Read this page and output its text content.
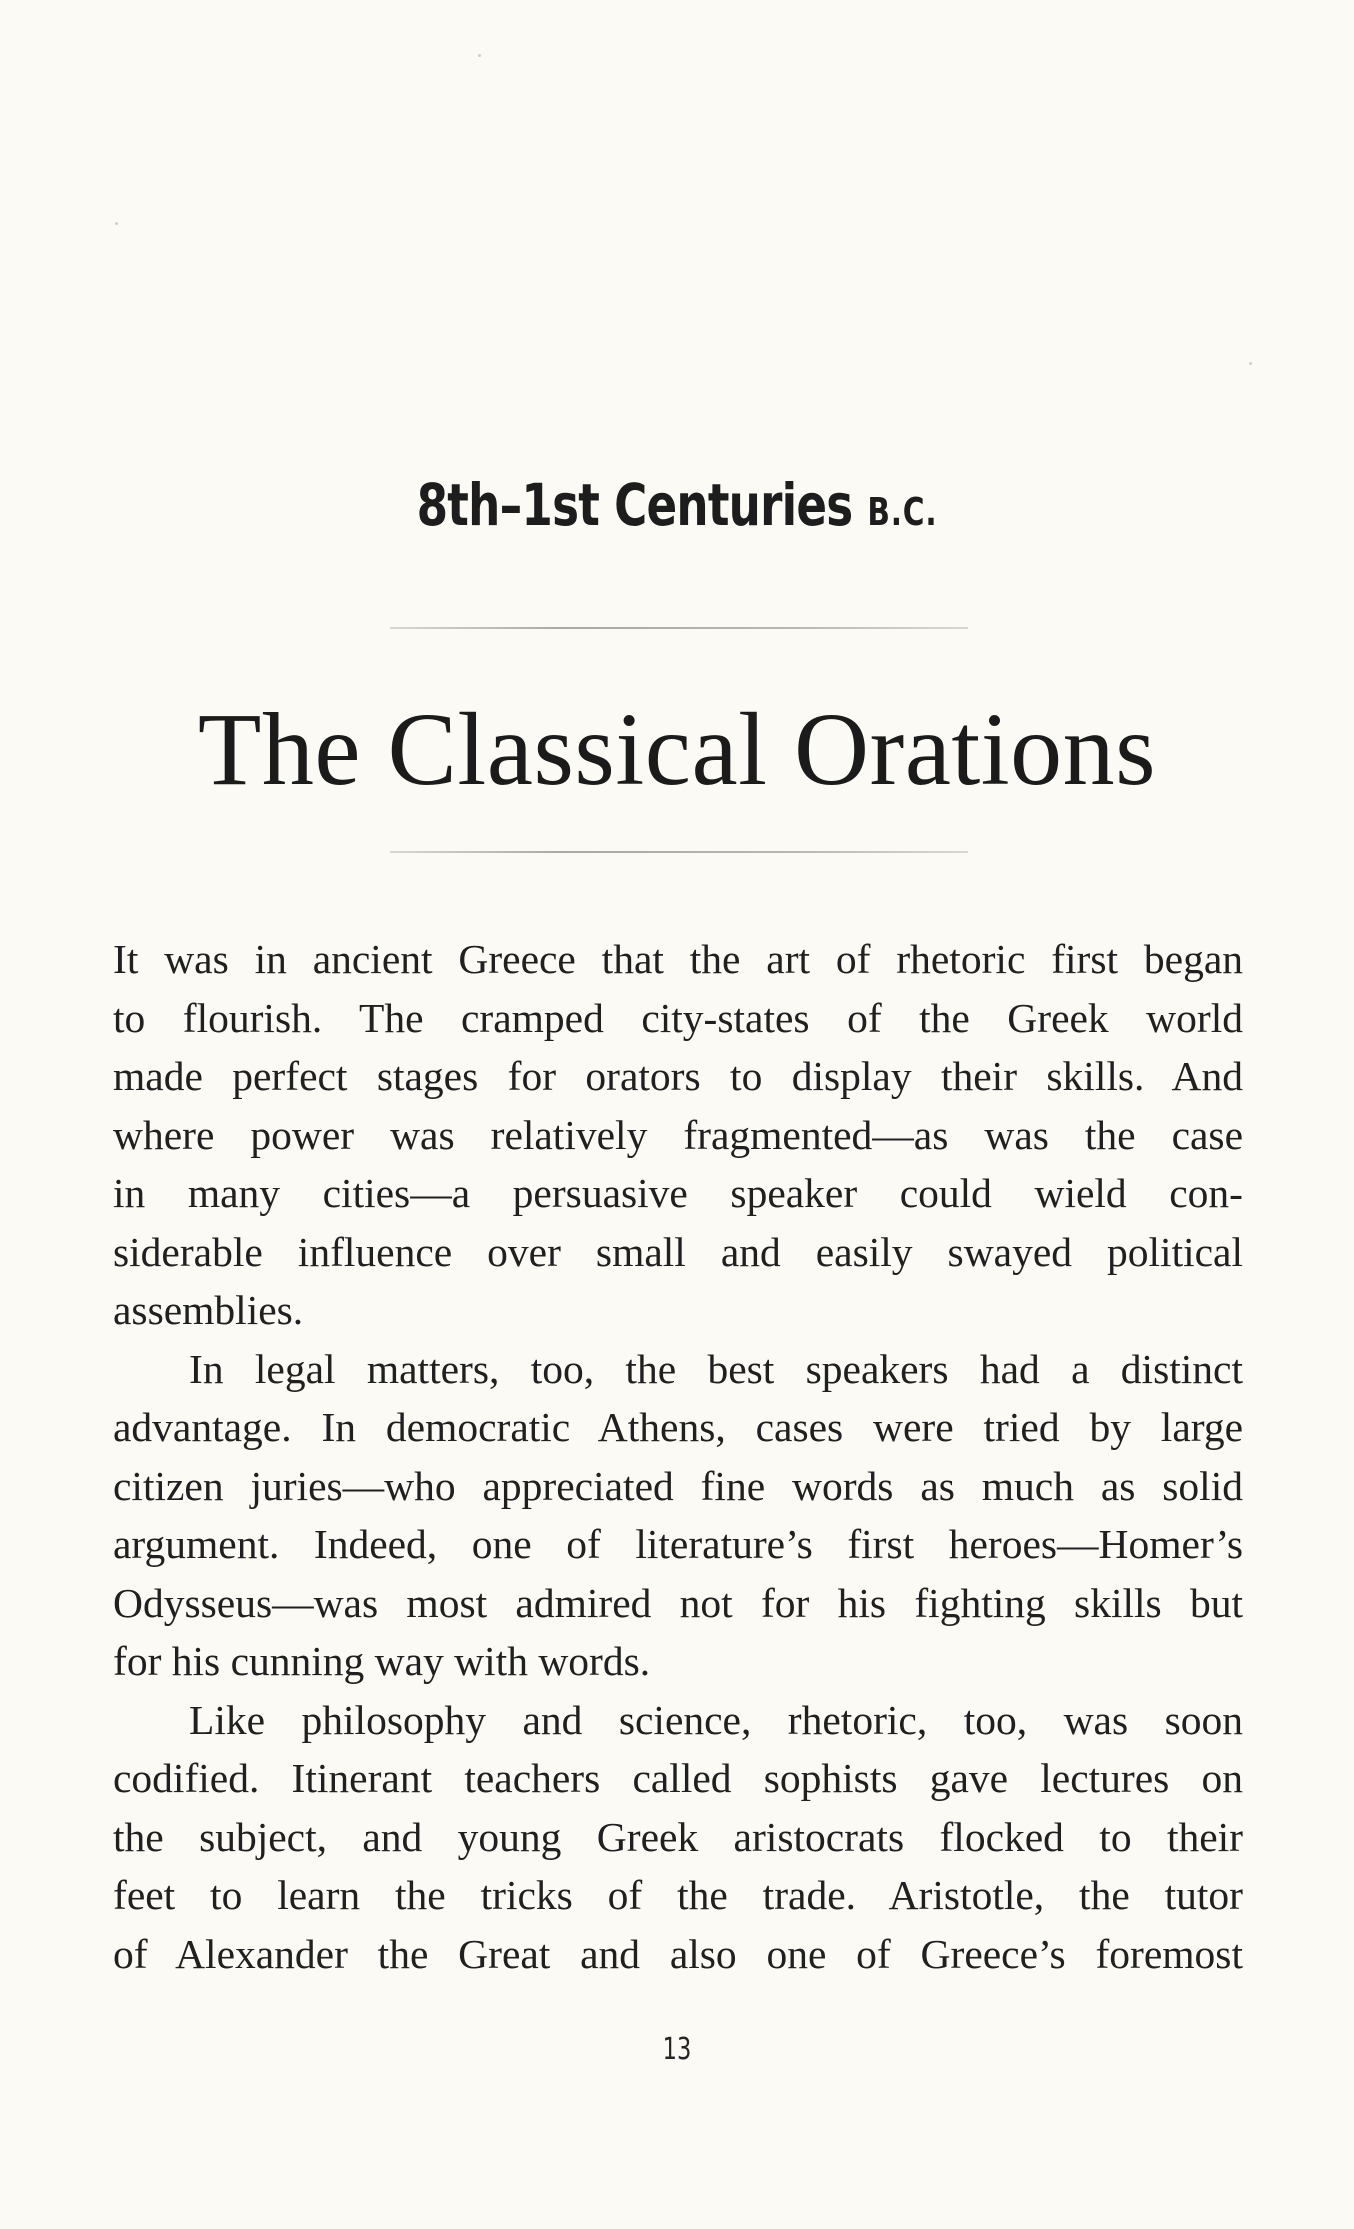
8th–1st Centuries B.C.
The Classical Orations
It was in ancient Greece that the art of rhetoric first began
to flourish. The cramped city-states of the Greek world
made perfect stages for orators to display their skills. And
where power was relatively fragmented—as was the case
in many cities—a persuasive speaker could wield con-
siderable influence over small and easily swayed political
assemblies.
In legal matters, too, the best speakers had a distinct
advantage. In democratic Athens, cases were tried by large
citizen juries—who appreciated fine words as much as solid
argument. Indeed, one of literature’s first heroes—Homer’s
Odysseus—was most admired not for his fighting skills but
for his cunning way with words.
Like philosophy and science, rhetoric, too, was soon
codified. Itinerant teachers called sophists gave lectures on
the subject, and young Greek aristocrats flocked to their
feet to learn the tricks of the trade. Aristotle, the tutor
of Alexander the Great and also one of Greece’s foremost
13
